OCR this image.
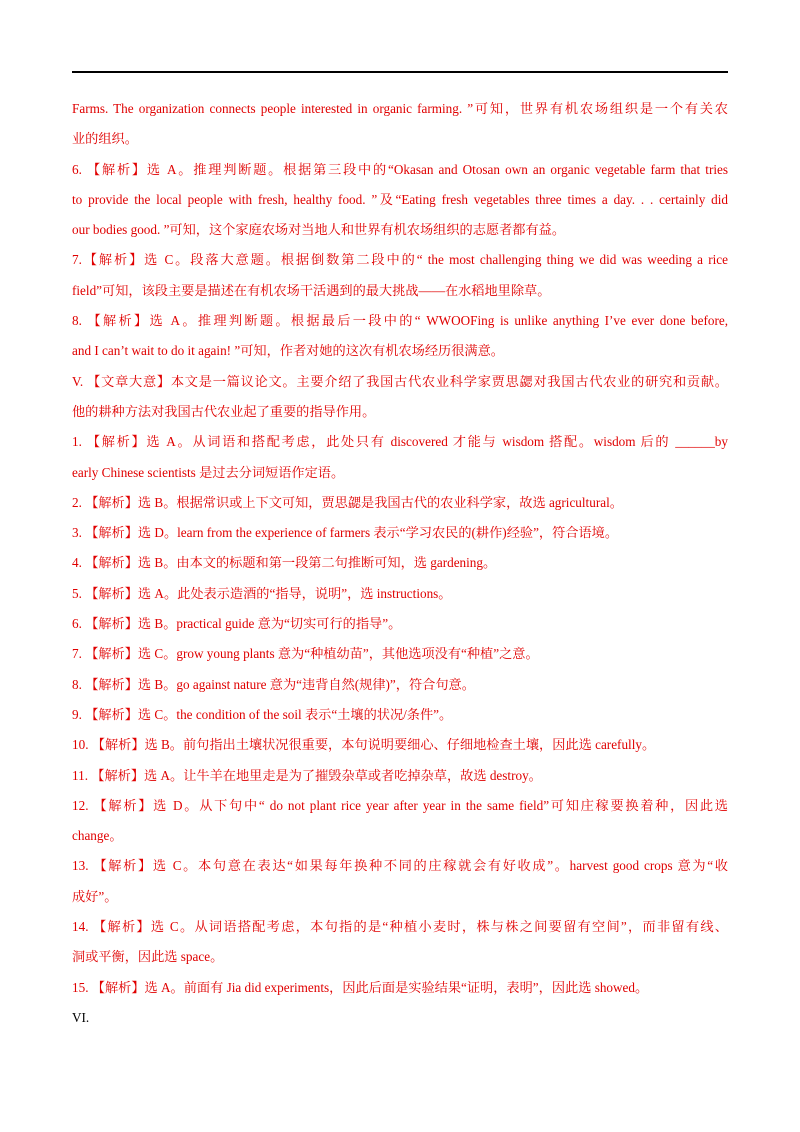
Farms. The organization connects people interested in organic farming. ”可知，世界有机农场组织是一个有关农
业的组织。
6. 【解析】选 A。推理判断题。根据第三段中的“Okasan and Otosan own an organic vegetable farm that tries
to provide the local people with fresh, healthy food. ”及“Eating fresh vegetables three times a day. . . certainly did
our bodies good. ”可知，这个家庭农场对当地人和世界有机农场组织的志愿者都有益。
7.【解析】选 C。段落大意题。根据倒数第二段中的“ the most challenging thing we did was weeding a rice
field”可知，该段主要是描述在有机农场干活遇到的最大挑战——在水稻地里除草。
8. 【解析】选 A。推理判断题。根据最后一段中的“ WWOOFing is unlike anything I’ve ever done before,
and I can’t wait to do it again! ”可知，作者对她的这次有机农场经历很满意。
V. 【文章大意】本文是一篇议论文。主要介绍了我国古代农业科学家贾思勰对我国古代农业的研究和贡献。
他的耕种方法对我国古代农业起了重要的指导作用。
1. 【解析】选 A。从词语和搭配考虑，此处只有 discovered 才能与 wisdom 搭配。wisdom 后的 ______by
early Chinese scientists 是过去分词短语作定语。
2. 【解析】选 B。根据常识或上下文可知，贾思勰是我国古代的农业科学家，故选 agricultural。
3. 【解析】选 D。learn from the experience of farmers 表示“学习农民的(耕作)经验”，符合语境。
4. 【解析】选 B。由本文的标题和第一段第二句推断可知，选 gardening。
5. 【解析】选 A。此处表示造酒的“指导，说明”，选 instructions。
6. 【解析】选 B。practical guide 意为“切实可行的指导”。
7. 【解析】选 C。grow young plants 意为“种植幼苗”，其他选项没有“种植”之意。
8. 【解析】选 B。go against nature 意为“违背自然(规律)”，符合句意。
9. 【解析】选 C。the condition of the soil 表示“土壤的状况/条件”。
10. 【解析】选 B。前句指出土壤状况很重要，本句说明要细心、仔细地检查土壤，因此选 carefully。
11. 【解析】选 A。让牛羊在地里走是为了摧毁杂草或者吃掉杂草，故选 destroy。
12. 【解析】选 D。从下句中“ do not plant rice year after year in the same field”可知庄稼要换着种，因此选
change。
13. 【解析】选 C。本句意在表达“如果每年换种不同的庄稼就会有好收成”。harvest good crops 意为“收
成好”。
14. 【解析】选 C。从词语搭配考虑，本句指的是“种植小麦时，株与株之间要留有空间”，而非留有线、
洞或平衡，因此选 space。
15. 【解析】选 A。前面有 Jia did experiments，因此后面是实验结果“证明，表明”，因此选 showed。
VI.
